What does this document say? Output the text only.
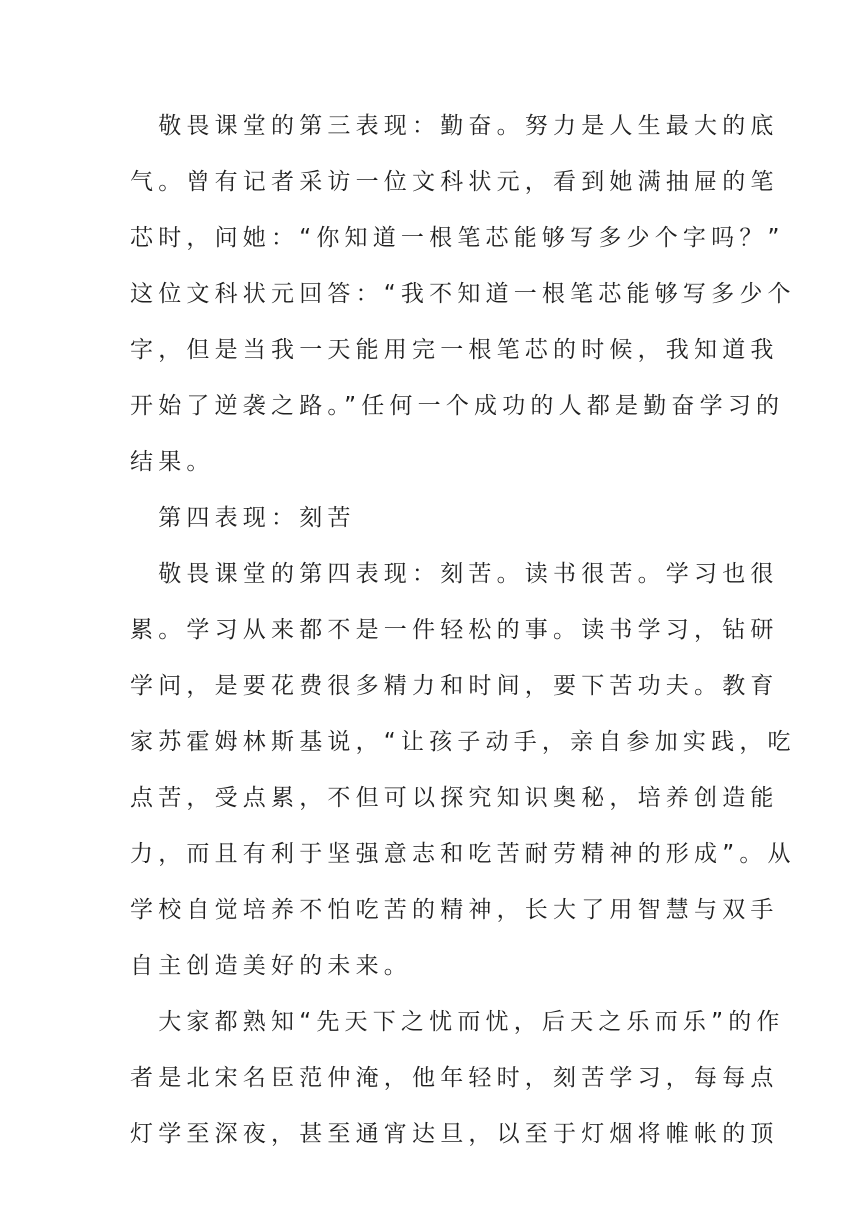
　敬畏课堂的第三表现：勤奋。努力是人生最大的底
气。曾有记者采访一位文科状元，看到她满抽屉的笔
芯时，问她：“你知道一根笔芯能够写多少个字吗？”
这位文科状元回答：“我不知道一根笔芯能够写多少个
字，但是当我一天能用完一根笔芯的时候，我知道我
开始了逆袭之路。”任何一个成功的人都是勤奋学习的
结果。
　第四表现：刻苦
　敬畏课堂的第四表现：刻苦。读书很苦。学习也很
累。学习从来都不是一件轻松的事。读书学习，钻研
学问，是要花费很多精力和时间，要下苦功夫。教育
家苏霍姆林斯基说，“让孩子动手，亲自参加实践，吃
点苦，受点累，不但可以探究知识奥秘，培养创造能
力，而且有利于坚强意志和吃苦耐劳精神的形成”。从
学校自觉培养不怕吃苦的精神，长大了用智慧与双手
自主创造美好的未来。
　大家都熟知“先天下之忧而忧，后天之乐而乐”的作
者是北宋名臣范仲淹，他年轻时，刻苦学习，每每点
灯学至深夜，甚至通宵达旦，以至于灯烟将帷帐的顶
